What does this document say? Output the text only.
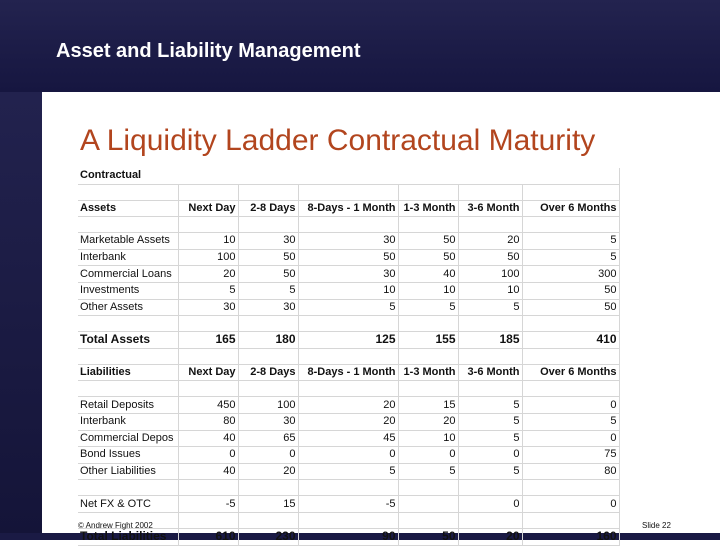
Asset and Liability Management
A Liquidity Ladder Contractual Maturity
Contractual						

Assets	Next Day	2-8 Days	8-Days - 1 Month	1-3 Month	3-6 Month	Over 6 Months

Marketable Assets	10	30	30	50	20	5
Interbank	100	50	50	50	50	5
Commercial Loans	20	50	30	40	100	300
Investments	5	5	10	10	10	50
Other Assets	30	30	5	5	5	50

Total Assets	165	180	125	155	185	410

Liabilities	Next Day	2-8 Days	8-Days - 1 Month	1-3 Month	3-6 Month	Over 6 Months

Retail Deposits	450	100	20	15	5	0
Interbank	80	30	20	20	5	5
Commercial Depos	40	65	45	10	5	0
Bond Issues	0	0	0	0	0	75
Other Liabilities	40	20	5	5	5	80

Net FX & OTC	-5	15	-5		0	0

Total Liabilities	610	230	90	50	20	160
© Andrew Fight 2002	Slide 22
